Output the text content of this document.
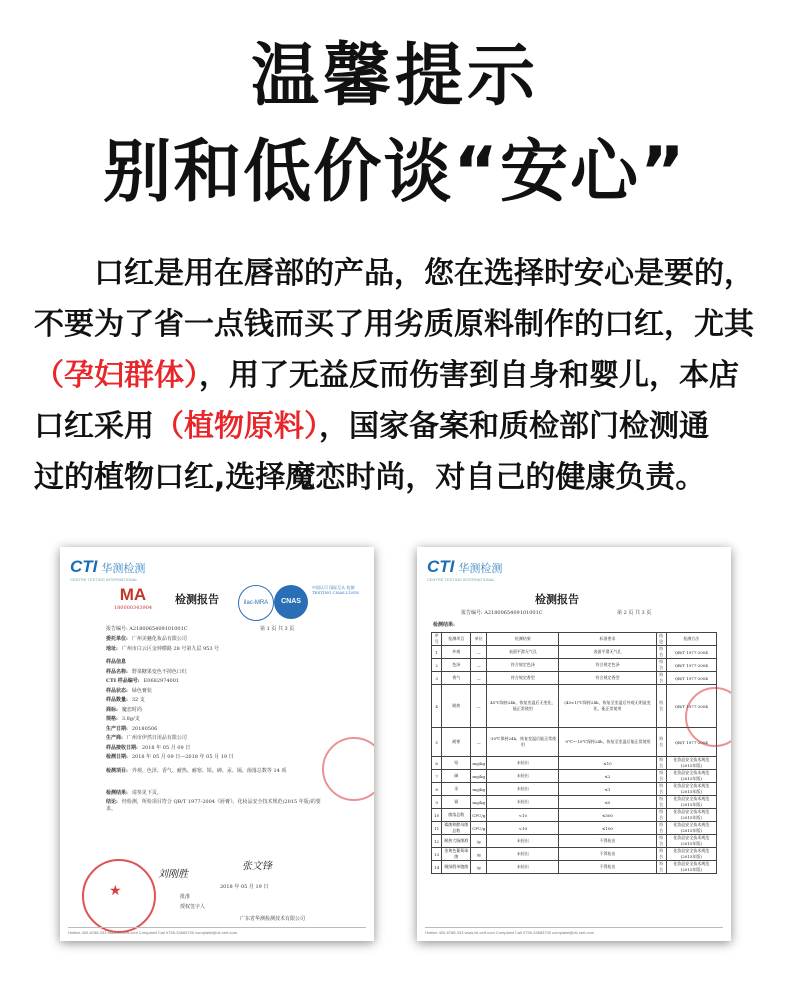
温馨提示
别和低价谈“安心”
口红是用在唇部的产品，您在选择时安心是要的，
不要为了省一点钱而买了用劣质原料制作的口红，尤其
（孕妇群体），用了无益反而伤害到自身和婴儿，本店
口红采用（植物原料），国家备案和质检部门检测通
过的植物口红,选择魔恋时尚，对自己的健康负责。
CTI 华测检测
CENTRE TESTING INTERNATIONAL
MA
180000343904
检测报告	ilac-MRA	CNAS
中国认可 国际互认 检测 TESTING CNAS L1818
报告编号: A2180065409101001C	第 1 页 共 3 页
委托单位: 广州美魅化妆品有限公司
地址: 广州市白云区金钟横路 28 号第九层 953 号
样品信息
样品名称: 野菜糖果变色不掉色口红
CTI 样品编号: E0682974001
样品状态: 绿色膏状
样品数量: 32 支
商标: 魔恋时尚
规格: 3.8g/支
生产日期: 20180506
生产商: 广州市伊然日用品有限公司
样品接收日期: 2018 年 05 月 09 日
检测日期: 2018 年 05 月 09 日—2018 年 05 月 19 日
检测项目: 外观、色泽、香气、耐热、耐寒、铅、砷、汞、镉、菌落总数等 14 项
检测结果: 请参见下页。
结论: 经检测，所检项目符合 QB/T 1977-2004《唇膏》、化妆品安全技术规范(2015 年版)的要求。
刘刚胜
张文锋
★	2018 年 05 月 19 日
批准
授权签字人
广东省华测检测技术有限公司
Hotline 400-6788-333 www.cti-cert.com Complaint Call 0755-33683700 complaint@cti-cert.com
CTI 华测检测
CENTRE TESTING INTERNATIONAL
检测报告
报告编号: A2180065409101001C	第 2 页 共 3 页
检测结果:
序号	检测项目	单位	检测结果	标准要求	结论	检测方法
1	外观	—	表面平滑无气孔	表面平滑无气孔	符合	QB/T 1977-2004
2	色泽	—	符合规定色泽	符合规定色泽	符合	QB/T 1977-2004
3	香气	—	符合规定香型	符合规定香型	符合	QB/T 1977-2004
4	耐热	—	45℃保持24h，恢复室温后无变化，能正常使用	(45±1)℃保持24h，恢复至室温后外观无明显变化，能正常使用	符合	QB/T 1977-2004
5	耐寒	—	-10℃保持24h，恢复室温后能正常使用	-5℃~-10℃保持24h，恢复至室温后能正常使用	符合	QB/T 1977-2004
6	铅	mg/kg	未检出	≤10	符合	化妆品安全技术规范(2015年版)
7	砷	mg/kg	未检出	≤2	符合	化妆品安全技术规范(2015年版)
8	汞	mg/kg	未检出	≤1	符合	化妆品安全技术规范(2015年版)
9	镉	mg/kg	未检出	≤5	符合	化妆品安全技术规范(2015年版)
10	菌落总数	CFU/g	<10	≤500	符合	化妆品安全技术规范(2015年版)
11	霉菌和酵母菌总数	CFU/g	<10	≤100	符合	化妆品安全技术规范(2015年版)
12	耐热大肠菌群	/g	未检出	不得检出	符合	化妆品安全技术规范(2015年版)
13	金黄色葡萄球菌	/g	未检出	不得检出	符合	化妆品安全技术规范(2015年版)
14	铜绿假单胞菌	/g	未检出	不得检出	符合	化妆品安全技术规范(2015年版)
Hotline 400-6788-333 www.cti-cert.com Complaint Call 0755-33683700 complaint@cti-cert.com
